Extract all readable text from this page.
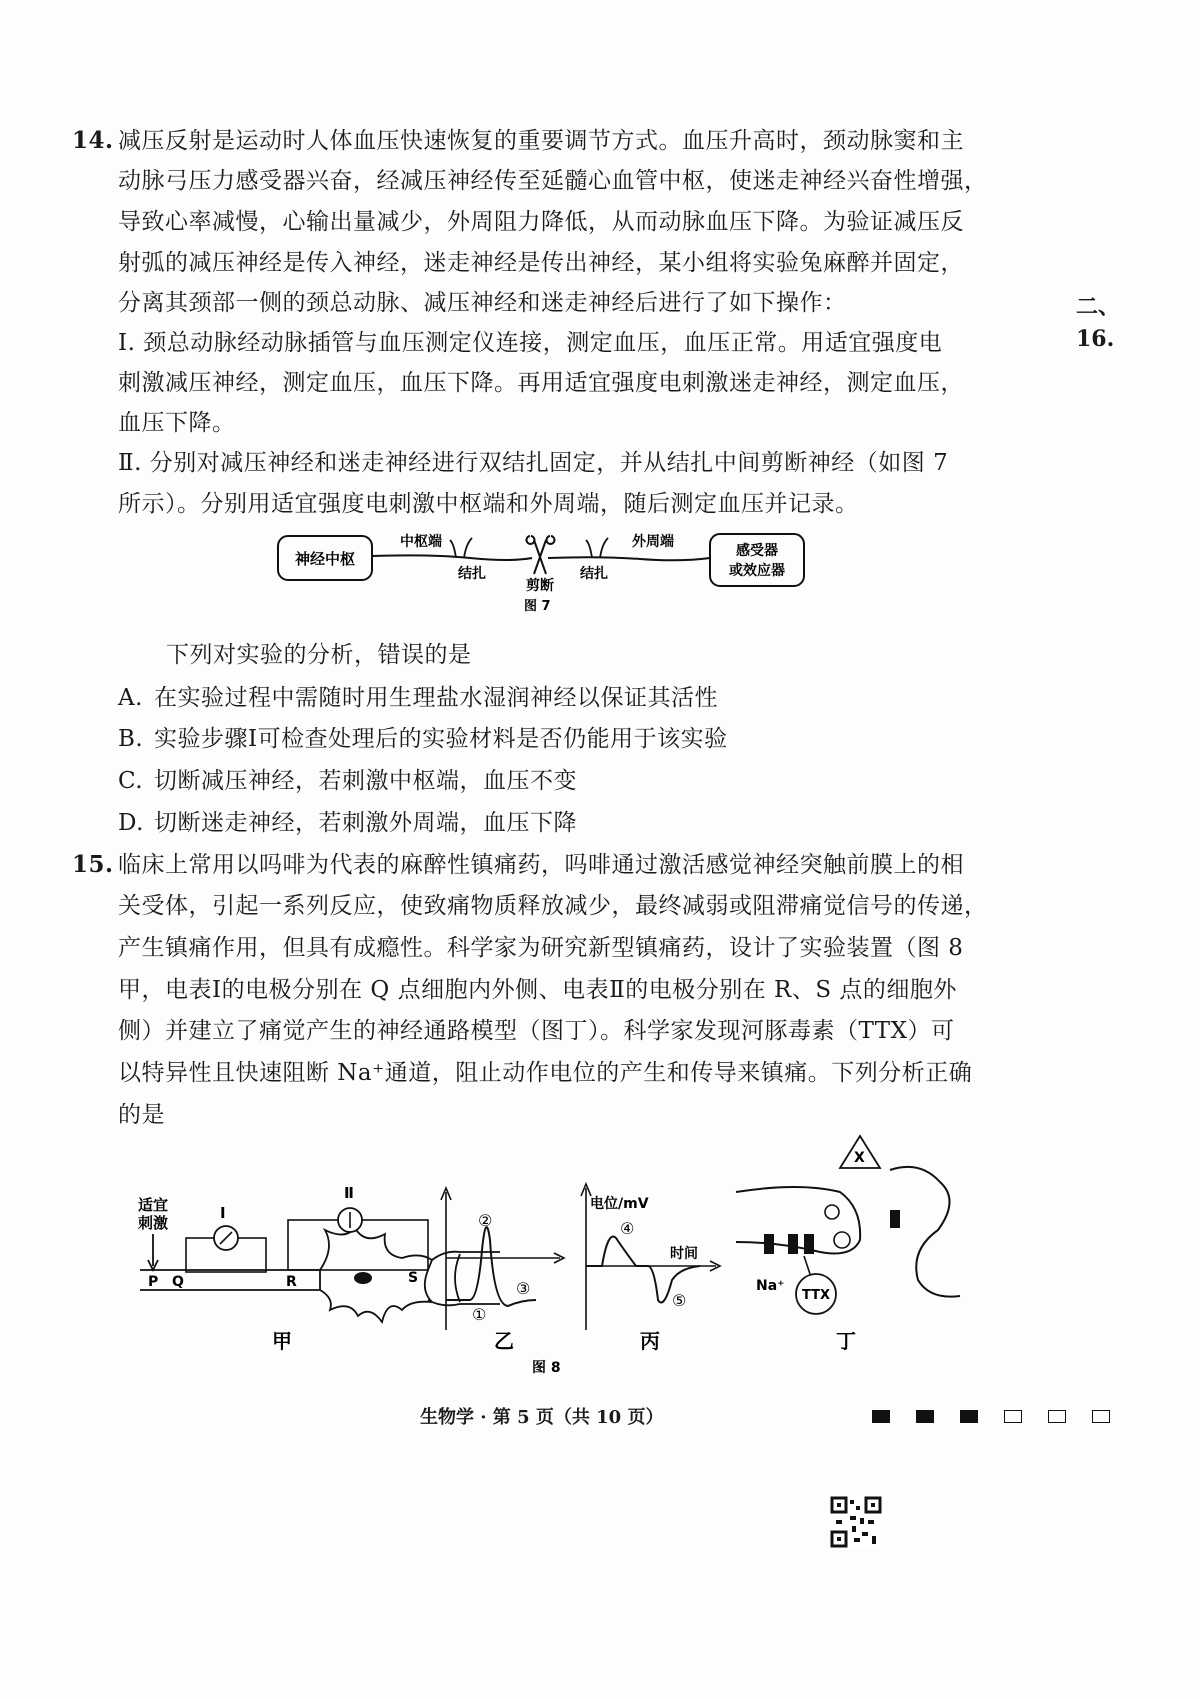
14. 减压反射是运动时人体血压快速恢复的重要调节方式。血压升高时，颈动脉窦和主
动脉弓压力感受器兴奋，经减压神经传至延髓心血管中枢，使迷走神经兴奋性增强，
导致心率减慢，心输出量减少，外周阻力降低，从而动脉血压下降。为验证减压反
射弧的减压神经是传入神经，迷走神经是传出神经，某小组将实验兔麻醉并固定，
分离其颈部一侧的颈总动脉、减压神经和迷走神经后进行了如下操作：
Ⅰ. 颈总动脉经动脉插管与血压测定仪连接，测定血压，血压正常。用适宜强度电
刺激减压神经，测定血压，血压下降。再用适宜强度电刺激迷走神经，测定血压，
血压下降。
Ⅱ. 分别对减压神经和迷走神经进行双结扎固定，并从结扎中间剪断神经（如图 7
所示）。分别用适宜强度电刺激中枢端和外周端，随后测定血压并记录。
神经中枢	感受器
或效应器
中枢端	外周端
结扎
剪断
结扎
图 7
下列对实验的分析，错误的是
A. 在实验过程中需随时用生理盐水湿润神经以保证其活性
B. 实验步骤Ⅰ可检查处理后的实验材料是否仍能用于该实验
C. 切断减压神经，若刺激中枢端，血压不变
D. 切断迷走神经，若刺激外周端，血压下降
15. 临床上常用以吗啡为代表的麻醉性镇痛药，吗啡通过激活感觉神经突触前膜上的相
关受体，引起一系列反应，使致痛物质释放减少，最终减弱或阻滞痛觉信号的传递，
产生镇痛作用，但具有成瘾性。科学家为研究新型镇痛药，设计了实验装置（图 8
甲，电表Ⅰ的电极分别在 Q 点细胞内外侧、电表Ⅱ的电极分别在 R、S 点的细胞外
侧）并建立了痛觉产生的神经通路模型（图丁）。科学家发现河豚毒素（TTX）可
以特异性且快速阻断 Na⁺通道，阻止动作电位的产生和传导来镇痛。下列分析正确
的是
适宜
刺激
Ⅰ
Ⅱ
P Q	R	S
甲
①
②
③
乙
电位/mV
时间
④
⑤
丙
X
Na⁺
TTX
丁
图 8
二、
16.
生物学 · 第 5 页（共 10 页）
